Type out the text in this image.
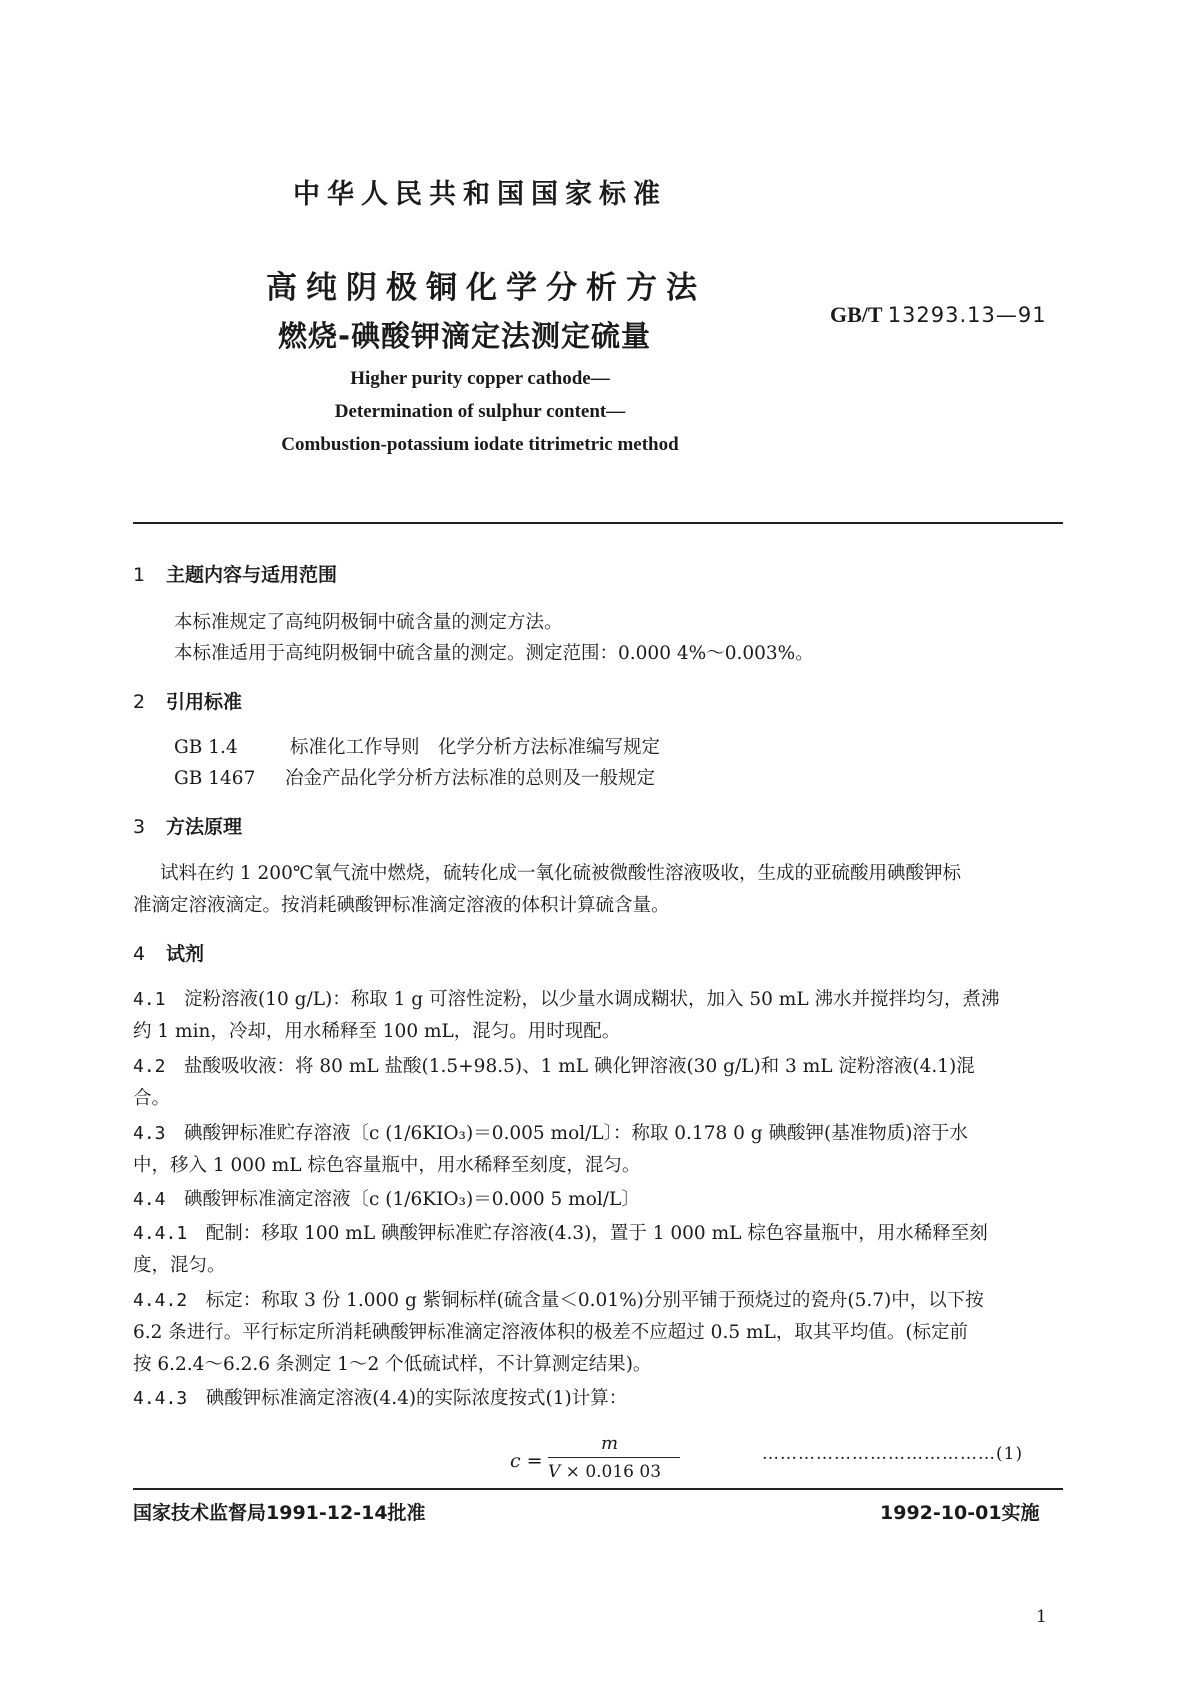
中华人民共和国国家标准
高纯阴极铜化学分析方法
燃烧-碘酸钾滴定法测定硫量
GB/T 13293.13—91
Higher purity copper cathode—
Determination of sulphur content—
Combustion-potassium iodate titrimetric method
1 主题内容与适用范围
本标准规定了高纯阴极铜中硫含量的测定方法。
本标准适用于高纯阴极铜中硫含量的测定。测定范围：0.000 4%～0.003%。
2 引用标准
GB 1.4	标准化工作导则　化学分析方法标准编写规定
GB 1467 冶金产品化学分析方法标准的总则及一般规定
3 方法原理
试料在约 1 200℃氧气流中燃烧，硫转化成一氧化硫被微酸性溶液吸收，生成的亚硫酸用碘酸钾标
准滴定溶液滴定。按消耗碘酸钾标准滴定溶液的体积计算硫含量。
4 试剂
4.1　 淀粉溶液(10 g/L)：称取 1 g 可溶性淀粉，以少量水调成糊状，加入 50 mL 沸水并搅拌均匀，煮沸
约 1 min，冷却，用水稀释至 100 mL，混匀。用时现配。
4.2　 盐酸吸收液：将 80 mL 盐酸(1.5+98.5)、1 mL 碘化钾溶液(30 g/L)和 3 mL 淀粉溶液(4.1)混
合。
4.3　 碘酸钾标准贮存溶液〔c (1/6KIO₃)＝0.005 mol/L〕：称取 0.178 0 g 碘酸钾(基准物质)溶于水
中，移入 1 000 mL 棕色容量瓶中，用水稀释至刻度，混匀。
4.4　 碘酸钾标准滴定溶液〔c (1/6KIO₃)＝0.000 5 mol/L〕
4.4.1　 配制：移取 100 mL 碘酸钾标准贮存溶液(4.3)，置于 1 000 mL 棕色容量瓶中，用水稀释至刻
度，混匀。
4.4.2　 标定：称取 3 份 1.000 g 紫铜标样(硫含量＜0.01%)分别平铺于预烧过的瓷舟(5.7)中，以下按
6.2 条进行。平行标定所消耗碘酸钾标准滴定溶液体积的极差不应超过 0.5 mL，取其平均值。(标定前
按 6.2.4～6.2.6 条测定 1～2 个低硫试样，不计算测定结果)。
4.4.3　 碘酸钾标准滴定溶液(4.4)的实际浓度按式(1)计算：
c =
m
V × 0.016 03
…………………………………(1)
国家技术监督局1991-12-14批准	1992-10-01实施
1
